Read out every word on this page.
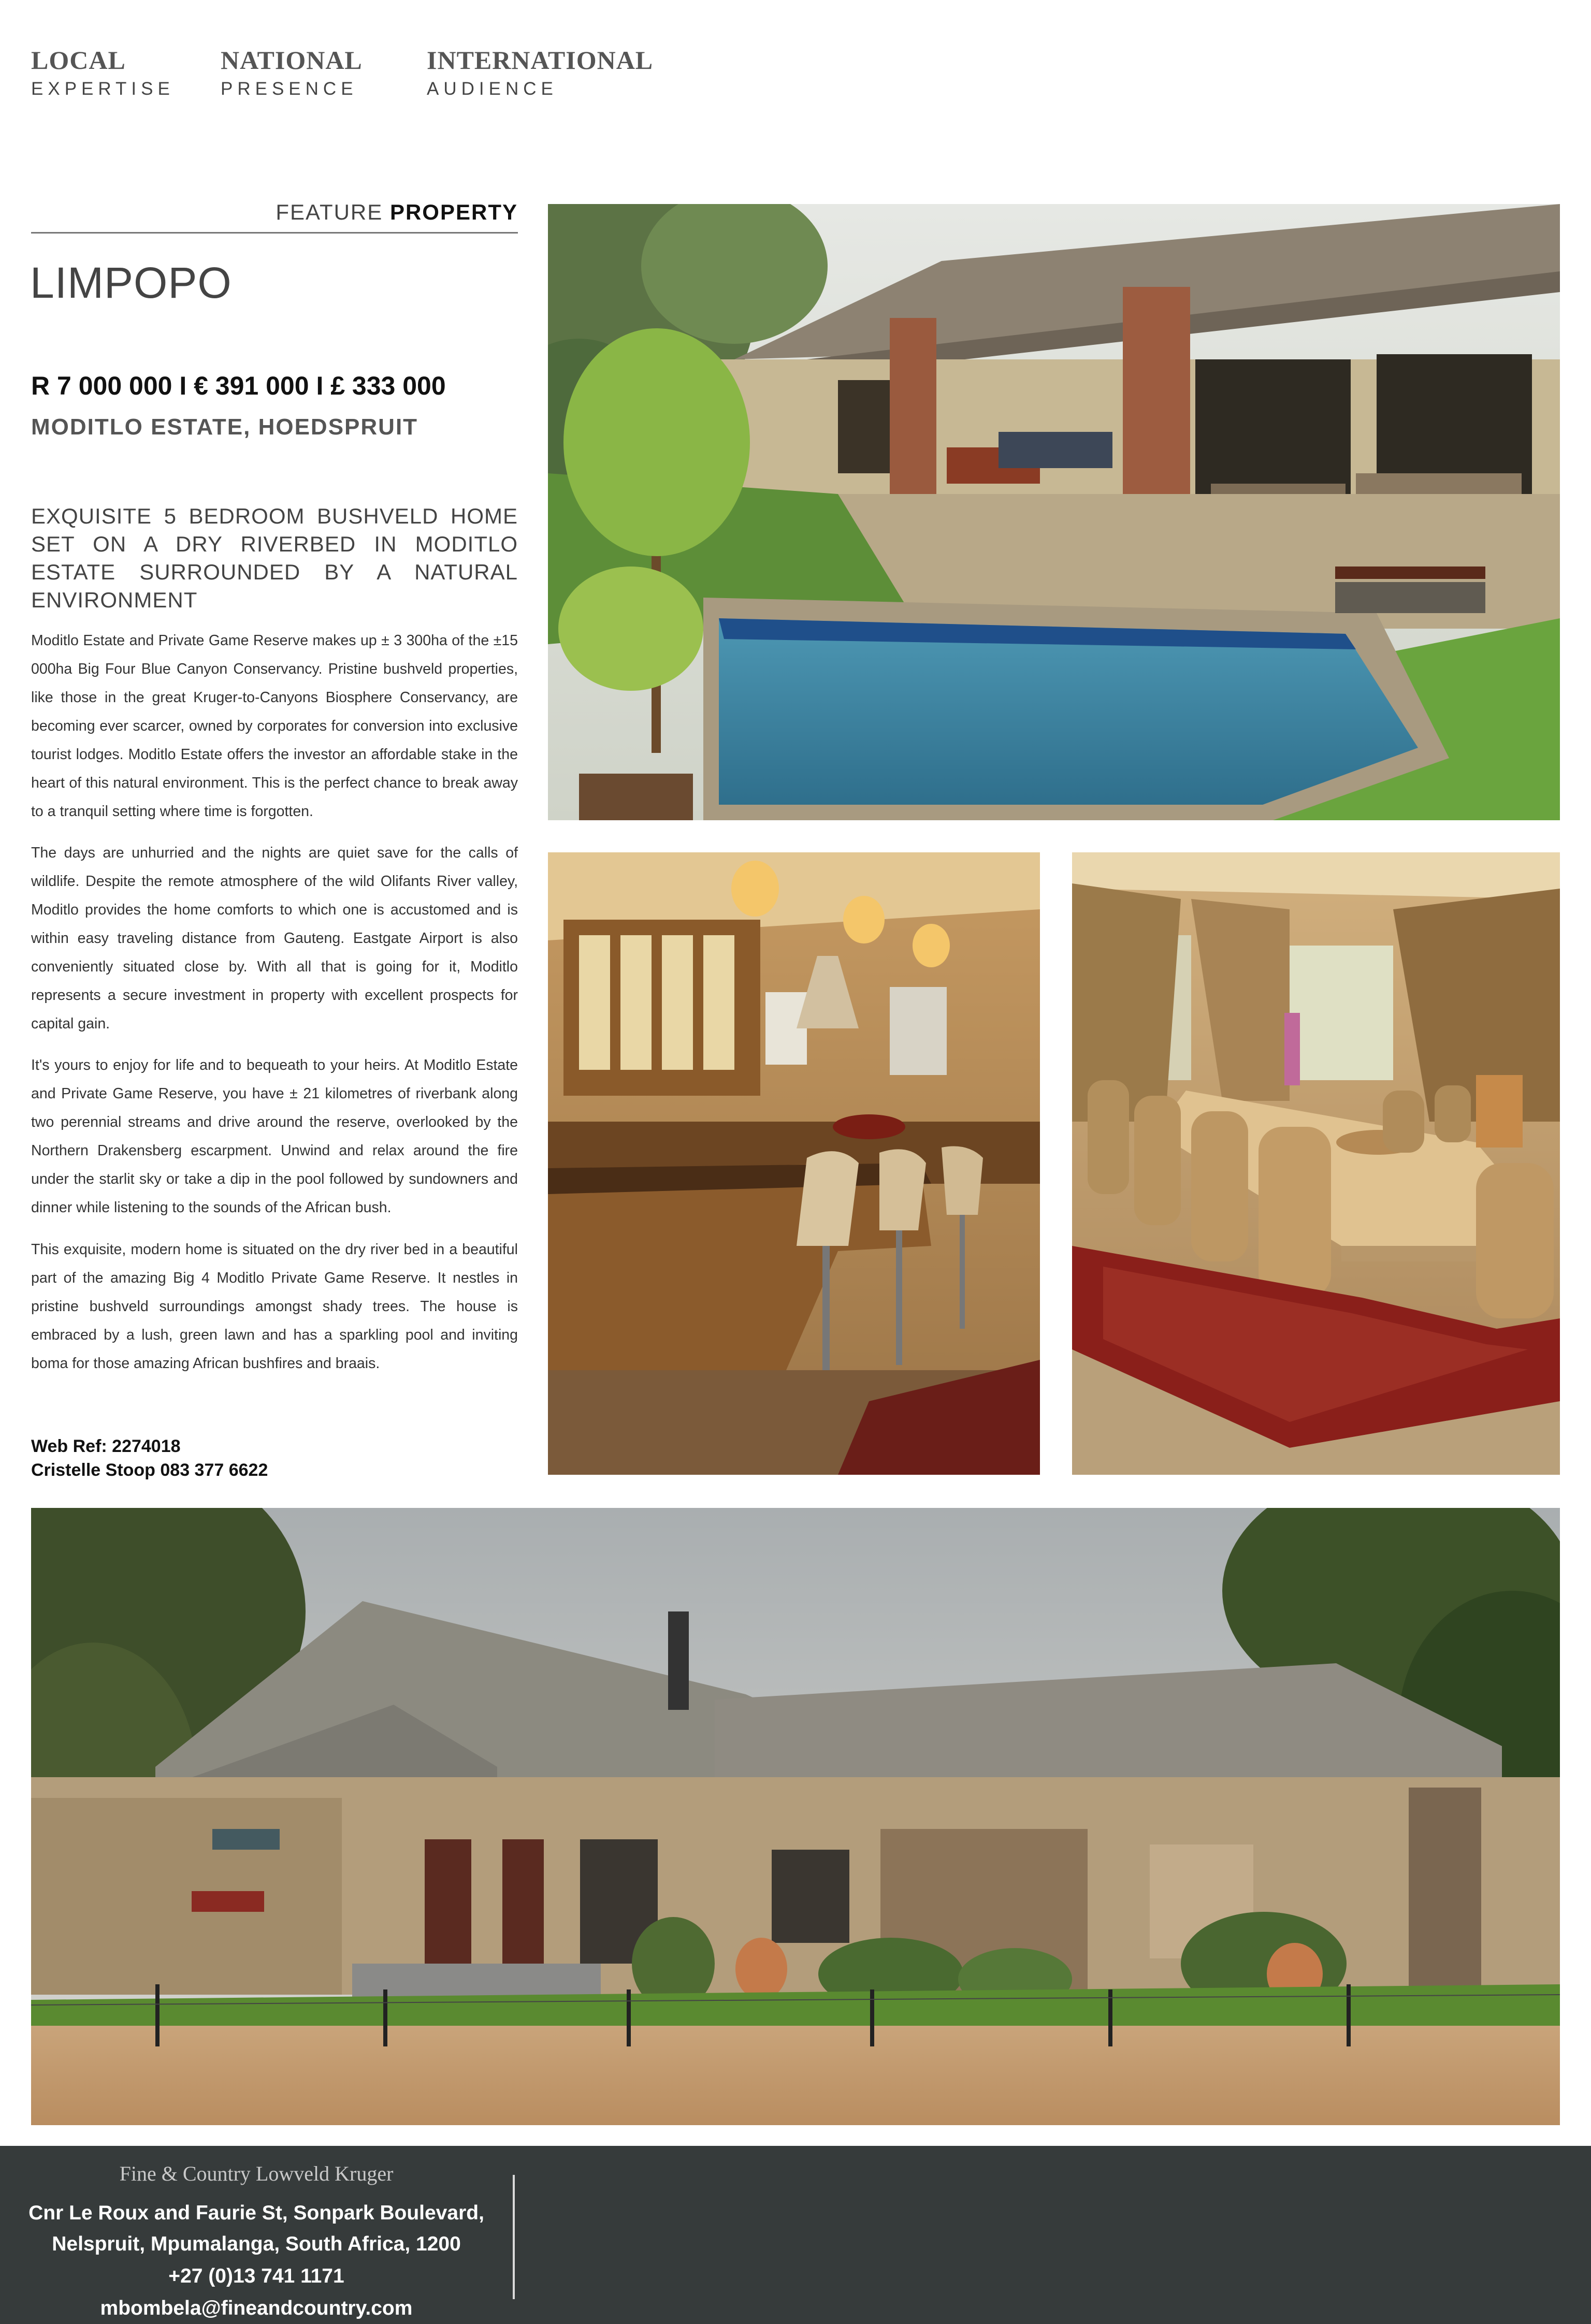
LOCAL
EXPERTISE
NATIONAL
PRESENCE
INTERNATIONAL
AUDIENCE
FEATURE PROPERTY
LIMPOPO
R 7 000 000 I € 391 000 I £ 333 000
MODITLO ESTATE, HOEDSPRUIT
EXQUISITE 5 BEDROOM BUSHVELD HOME SET ON A DRY RIVERBED IN MODITLO ESTATE SURROUNDED BY A NATURAL ENVIRONMENT
Moditlo Estate and Private Game Reserve makes up ± 3 300ha of the ±15 000ha Big Four Blue Canyon Conservancy. Pristine bushveld properties, like those in the great Kruger-to-Canyons Biosphere Conservancy, are becoming ever scarcer, owned by corporates for conversion into exclusive tourist lodges. Moditlo Estate offers the investor an affordable stake in the heart of this natural environment. This is the perfect chance to break away to a tranquil setting where time is forgotten.
The days are unhurried and the nights are quiet save for the calls of wildlife. Despite the remote atmosphere of the wild Olifants River valley, Moditlo provides the home comforts to which one is accustomed and is within easy traveling distance from Gauteng. Eastgate Airport is also conveniently situated close by. With all that is going for it, Moditlo represents a secure investment in property with excellent prospects for capital gain.
It's yours to enjoy for life and to bequeath to your heirs. At Moditlo Estate and Private Game Reserve, you have ± 21 kilometres of riverbank along two perennial streams and drive around the reserve, overlooked by the Northern Drakensberg escarpment. Unwind and relax around the fire under the starlit sky or take a dip in the pool followed by sundowners and dinner while listening to the sounds of the African bush.
This exquisite, modern home is situated on the dry river bed in a beautiful part of the amazing Big 4 Moditlo Private Game Reserve. It nestles in pristine bushveld surroundings amongst shady trees. The house is embraced by a lush, green lawn and has a sparkling pool and inviting boma for those amazing African bushfires and braais.
Web Ref: 2274018
Cristelle Stoop 083 377 6622
Fine & Country Lowveld Kruger
Cnr Le Roux and Faurie St, Sonpark Boulevard,
Nelspruit, Mpumalanga, South Africa, 1200
+27 (0)13 741 1171
mbombela@fineandcountry.com
